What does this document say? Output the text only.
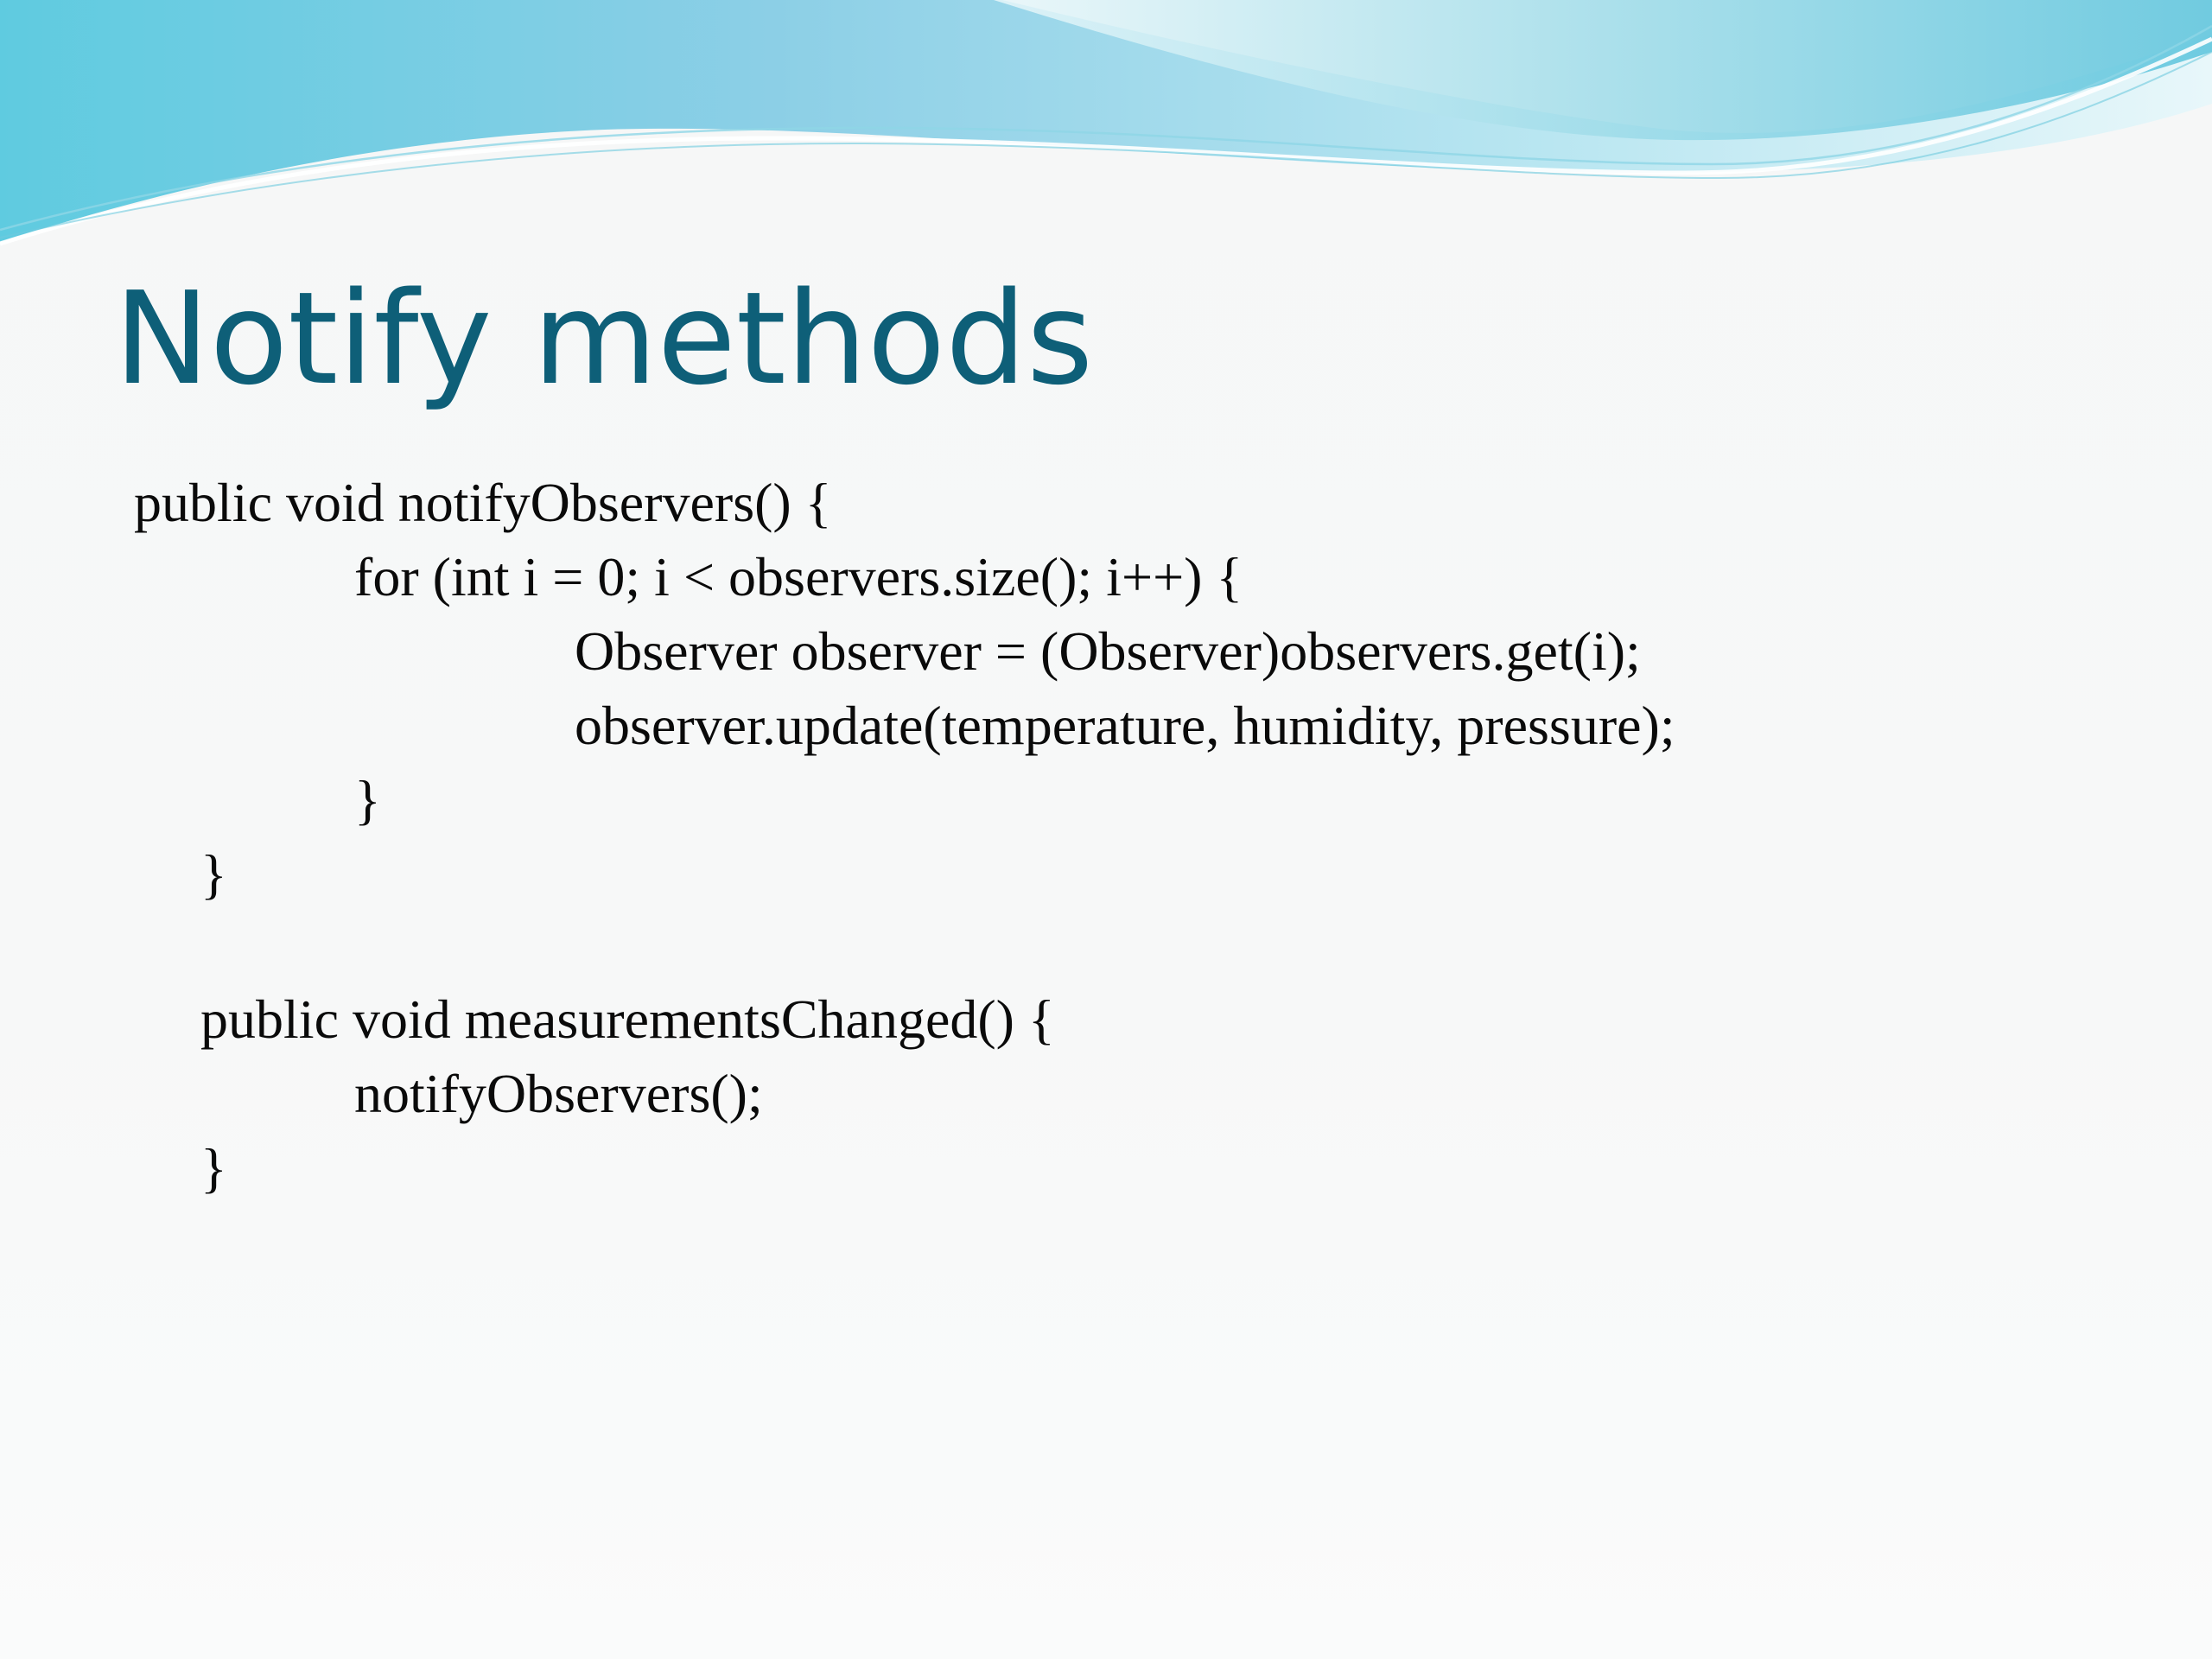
Notify methods

public void notifyObservers() {

for (int i = 0; i < observers.size(); i++) {

Observer observer = (Observer)observers.get(i);

observer.update(temperature, humidity, pressure);

}

}

public void measurementsChanged() {

notifyObservers();

}
